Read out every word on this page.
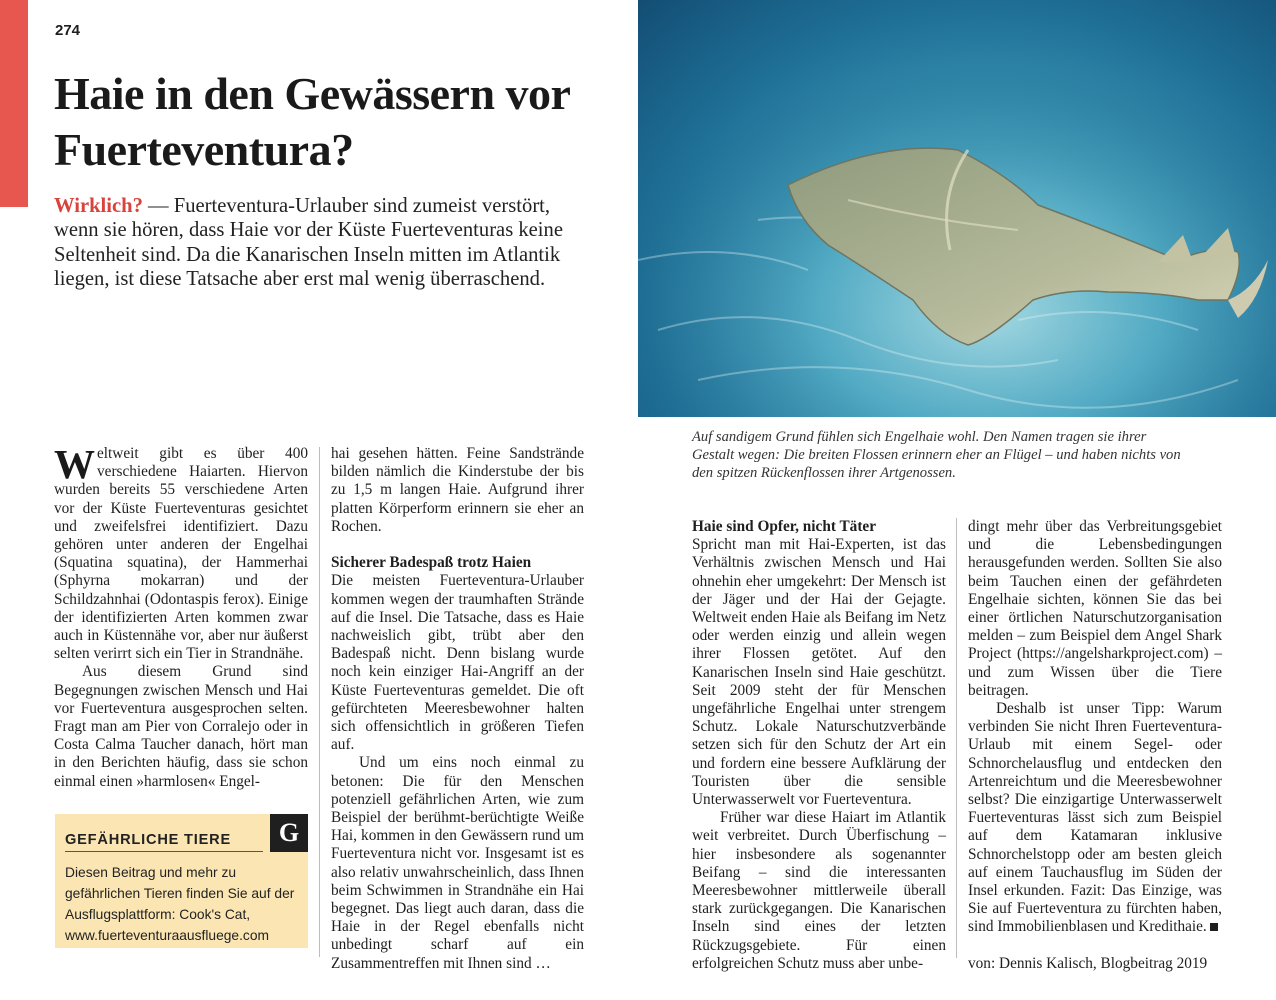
274
Haie in den Gewässern vor Fuerteventura?

Wirklich? — Fuerteventura-Urlauber sind zumeist verstört, wenn sie hören, dass Haie vor der Küste Fuerteventuras keine Seltenheit sind. Da die Kanarischen Inseln mitten im Atlantik liegen, ist diese Tatsache aber erst mal wenig überraschend.

Auf sandigem Grund fühlen sich Engelhaie wohl. Den Namen tragen sie ihrer Gestalt wegen: Die breiten Flossen erinnern eher an Flügel – und haben nichts von den spitzen Rückenflossen ihrer Artgenossen.

Weltweit gibt es über 400 verschiedene Haiarten. Hiervon wurden bereits 55 verschiedene Arten vor der Küste Fuerteventuras gesichtet und zweifelsfrei identifiziert. Dazu gehören unter anderen der Engelhai (Squatina squatina), der Hammerhai (Sphyrna mokarran) und der Schildzahnhai (Odontaspis ferox). Einige der identifizierten Arten kommen zwar auch in Küstennähe vor, aber nur äußerst selten verirrt sich ein Tier in Strandnähe.

Aus diesem Grund sind Begegnungen zwischen Mensch und Hai vor Fuerteventura ausgesprochen selten. Fragt man am Pier von Corralejo oder in Costa Calma Taucher danach, hört man in den Berichten häufig, dass sie schon einmal einen »harmlosen« Engel-

hai gesehen hätten. Feine Sandstrände bilden nämlich die Kinderstube der bis zu 1,5 m langen Haie. Aufgrund ihrer platten Körperform erinnern sie eher an Rochen.

Sicherer Badespaß trotz Haien

Die meisten Fuerteventura-Urlauber kommen wegen der traumhaften Strände auf die Insel. Die Tatsache, dass es Haie nachweislich gibt, trübt aber den Badespaß nicht. Denn bislang wurde noch kein einziger Hai-Angriff an der Küste Fuerteventuras gemeldet. Die oft gefürchteten Meeresbewohner halten sich offensichtlich in größeren Tiefen auf.

Und um eins noch einmal zu betonen: Die für den Menschen potenziell gefährlichen Arten, wie zum Beispiel der berühmt-berüchtigte Weiße Hai, kommen in den Gewässern rund um Fuerteventura nicht vor. Insgesamt ist es also relativ unwahrscheinlich, dass Ihnen beim Schwimmen in Strandnähe ein Hai begegnet. Das liegt auch daran, dass die Haie in der Regel ebenfalls nicht unbedingt scharf auf ein Zusammentreffen mit Ihnen sind …

Haie sind Opfer, nicht Täter

Spricht man mit Hai-Experten, ist das Verhältnis zwischen Mensch und Hai ohnehin eher umgekehrt: Der Mensch ist der Jäger und der Hai der Gejagte. Weltweit enden Haie als Beifang im Netz oder werden einzig und allein wegen ihrer Flossen getötet. Auf den Kanarischen Inseln sind Haie geschützt. Seit 2009 steht der für Menschen ungefährliche Engelhai unter strengem Schutz. Lokale Naturschutzverbände setzen sich für den Schutz der Art ein und fordern eine bessere Aufklärung der Touristen über die sensible Unterwasserwelt vor Fuerteventura.

Früher war diese Haiart im Atlantik weit verbreitet. Durch Überfischung – hier insbesondere als sogenannter Beifang – sind die interessanten Meeresbewohner mittlerweile überall stark zurückgegangen. Die Kanarischen Inseln sind eines der letzten Rückzugsgebiete. Für einen erfolgreichen Schutz muss aber unbe-

dingt mehr über das Verbreitungsgebiet und die Lebensbedingungen herausgefunden werden. Sollten Sie also beim Tauchen einen der gefährdeten Engelhaie sichten, können Sie das bei einer örtlichen Naturschutzorganisation melden – zum Beispiel dem Angel Shark Project (https://angelsharkproject.com) – und zum Wissen über die Tiere beitragen.

Deshalb ist unser Tipp: Warum verbinden Sie nicht Ihren Fuerteventura-Urlaub mit einem Segel- oder Schnorchelausflug und entdecken den Artenreichtum und die Meeresbewohner selbst? Die einzigartige Unterwasserwelt Fuerteventuras lässt sich zum Beispiel auf dem Katamaran inklusive Schnorchelstopp oder am besten gleich auf einem Tauchausflug im Süden der Insel erkunden. Fazit: Das Einzige, was Sie auf Fuerteventura zu fürchten haben, sind Immobilienblasen und Kredithaie.

von: Dennis Kalisch, Blogbeitrag 2019

GEFÄHRLICHE TIERE	G
Diesen Beitrag und mehr zu gefährlichen Tieren finden Sie auf der Ausflugsplattform: Cook's Cat, www.fuerteventuraausfluege.com
